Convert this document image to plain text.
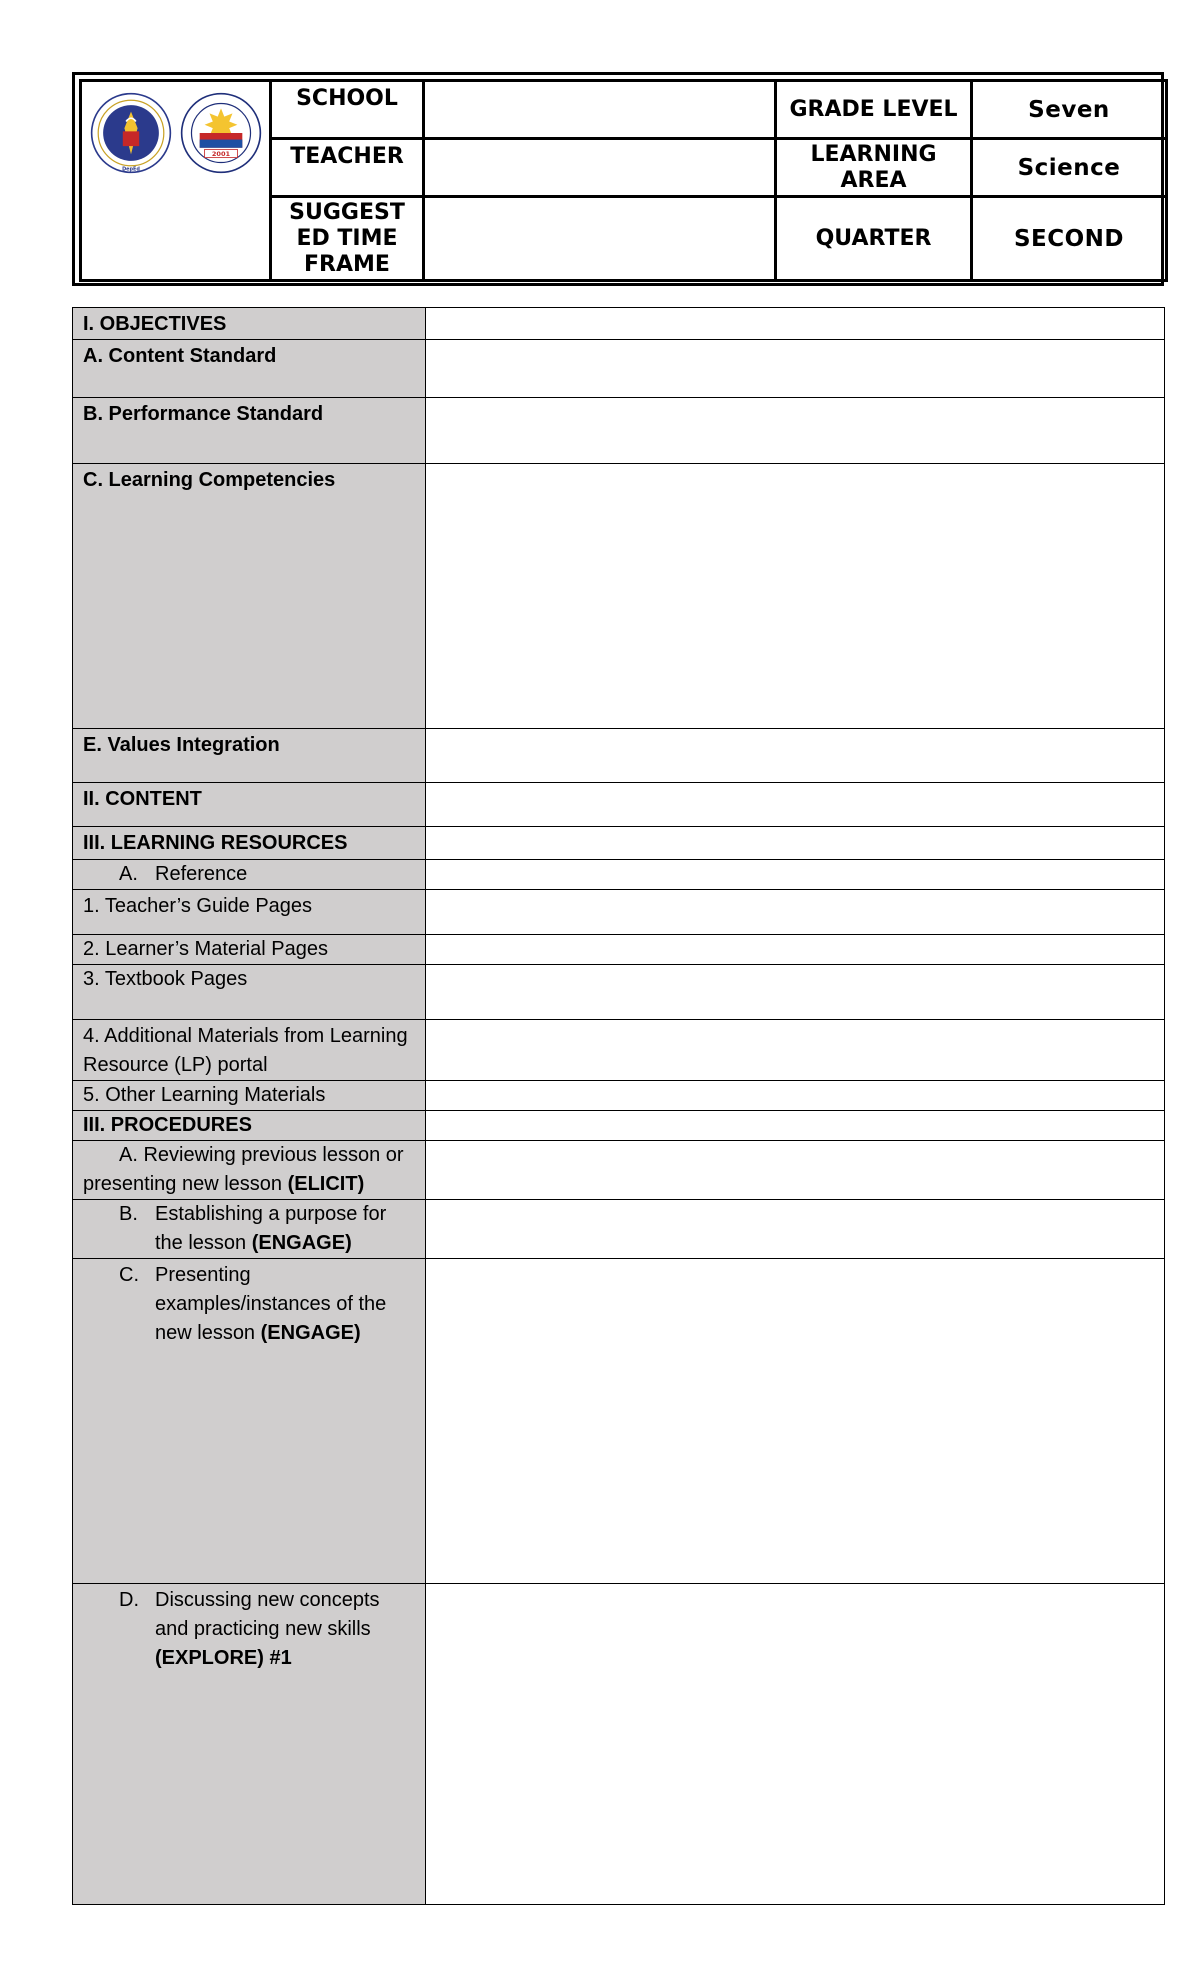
DepEd
2001	SCHOOL		GRADE LEVEL	Seven
	TEACHER		LEARNING AREA	Science
	SUGGEST ED TIME FRAME		QUARTER	SECOND
I. OBJECTIVES	
A. Content Standard	
B. Performance Standard	
C. Learning Competencies	
E. Values Integration	
II. CONTENT	
III. LEARNING RESOURCES	

A. Reference	

1. Teacher’s Guide Pages	
2. Learner’s Material Pages	
3. Textbook Pages	
4. Additional Materials from Learning Resource (LP) portal	
5. Other Learning Materials	
III. PROCEDURES	
A. Reviewing previous lesson or presenting new lesson (ELICIT)	

B. Establishing a purpose for the lesson (ENGAGE)	

C. Presenting examples/instances of the new lesson (ENGAGE)	

D. Discussing new concepts and practicing new skills (EXPLORE) #1	
